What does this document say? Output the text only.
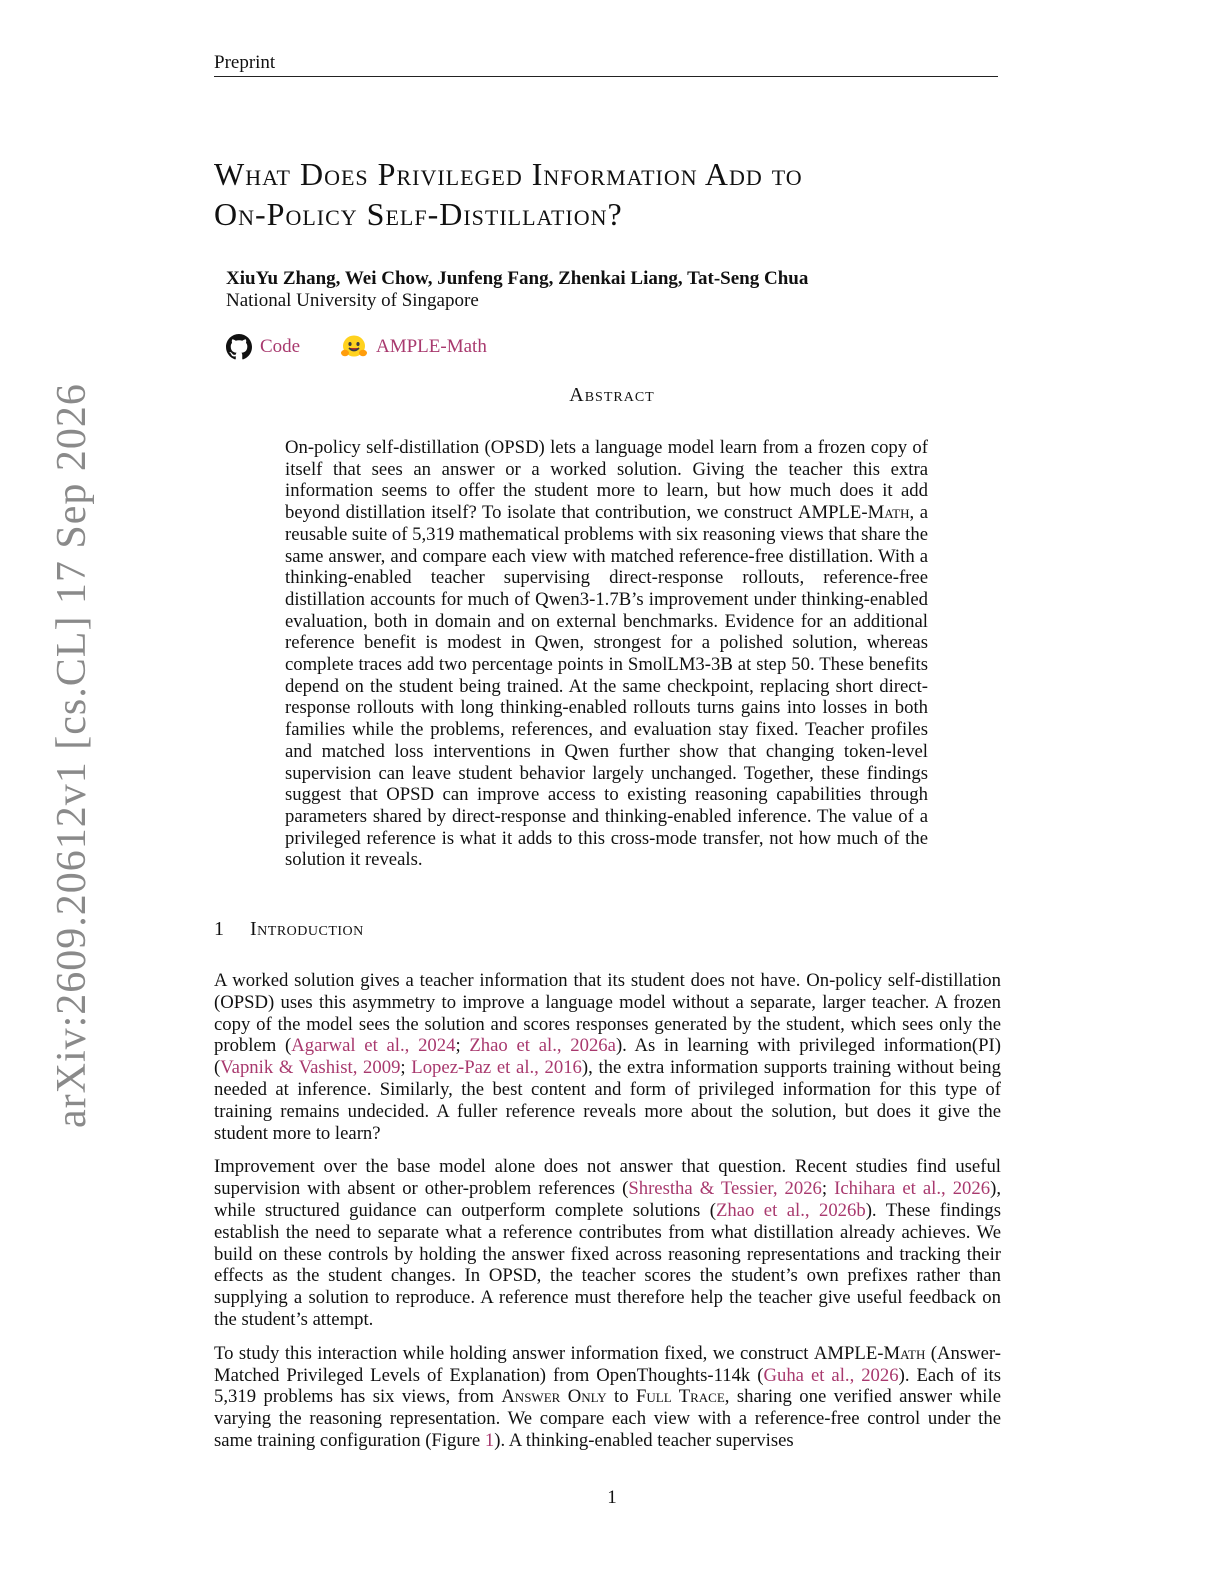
Preprint
arXiv:2609.20612v1 [cs.CL] 17 Sep 2026
What Does Privileged Information Add to
On-Policy Self-Distillation?
XiuYu Zhang, Wei Chow, Junfeng Fang, Zhenkai Liang, Tat-Seng Chua
National University of Singapore
Code	AMPLE-Math
Abstract
On-policy self-distillation (OPSD) lets a language model learn from a frozen copy of itself that sees an answer or a worked solution. Giving the teacher this extra information seems to offer the student more to learn, but how much does it add beyond distillation itself? To isolate that contribution, we construct AMPLE-Math, a reusable suite of 5,319 mathematical problems with six reasoning views that share the same answer, and compare each view with matched reference-free distillation. With a thinking-enabled teacher supervising direct-response rollouts, reference-free distillation accounts for much of Qwen3-1.7B’s improvement under thinking-enabled evaluation, both in domain and on external benchmarks. Evidence for an additional reference benefit is modest in Qwen, strongest for a polished solution, whereas complete traces add two percentage points in SmolLM3-3B at step 50. These benefits depend on the student being trained. At the same checkpoint, replacing short direct-response rollouts with long thinking-enabled rollouts turns gains into losses in both families while the problems, references, and evaluation stay fixed. Teacher profiles and matched loss interventions in Qwen further show that changing token-level supervision can leave student behavior largely unchanged. Together, these findings suggest that OPSD can improve access to existing reasoning capabilities through parameters shared by direct-response and thinking-enabled inference. The value of a privileged reference is what it adds to this cross-mode transfer, not how much of the solution it reveals.
1 Introduction

A worked solution gives a teacher information that its student does not have. On-policy self-distillation (OPSD) uses this asymmetry to improve a language model without a separate, larger teacher. A frozen copy of the model sees the solution and scores responses generated by the student, which sees only the problem (Agarwal et al., 2024; Zhao et al., 2026a). As in learning with privileged information(PI) (Vapnik & Vashist, 2009; Lopez-Paz et al., 2016), the extra information supports training without being needed at inference. Similarly, the best content and form of privileged information for this type of training remains undecided. A fuller reference reveals more about the solution, but does it give the student more to learn?

Improvement over the base model alone does not answer that question. Recent studies find useful supervision with absent or other-problem references (Shrestha & Tessier, 2026; Ichihara et al., 2026), while structured guidance can outperform complete solutions (Zhao et al., 2026b). These findings establish the need to separate what a reference contributes from what distillation already achieves. We build on these controls by holding the answer fixed across reasoning representations and tracking their effects as the student changes. In OPSD, the teacher scores the student’s own prefixes rather than supplying a solution to reproduce. A reference must therefore help the teacher give useful feedback on the student’s attempt.

To study this interaction while holding answer information fixed, we construct AMPLE-Math (Answer-Matched Privileged Levels of Explanation) from OpenThoughts-114k (Guha et al., 2026). Each of its 5,319 problems has six views, from Answer Only to Full Trace, sharing one verified answer while varying the reasoning representation. We compare each view with a reference-free control under the same training configuration (Figure 1). A thinking-enabled teacher supervises

1
